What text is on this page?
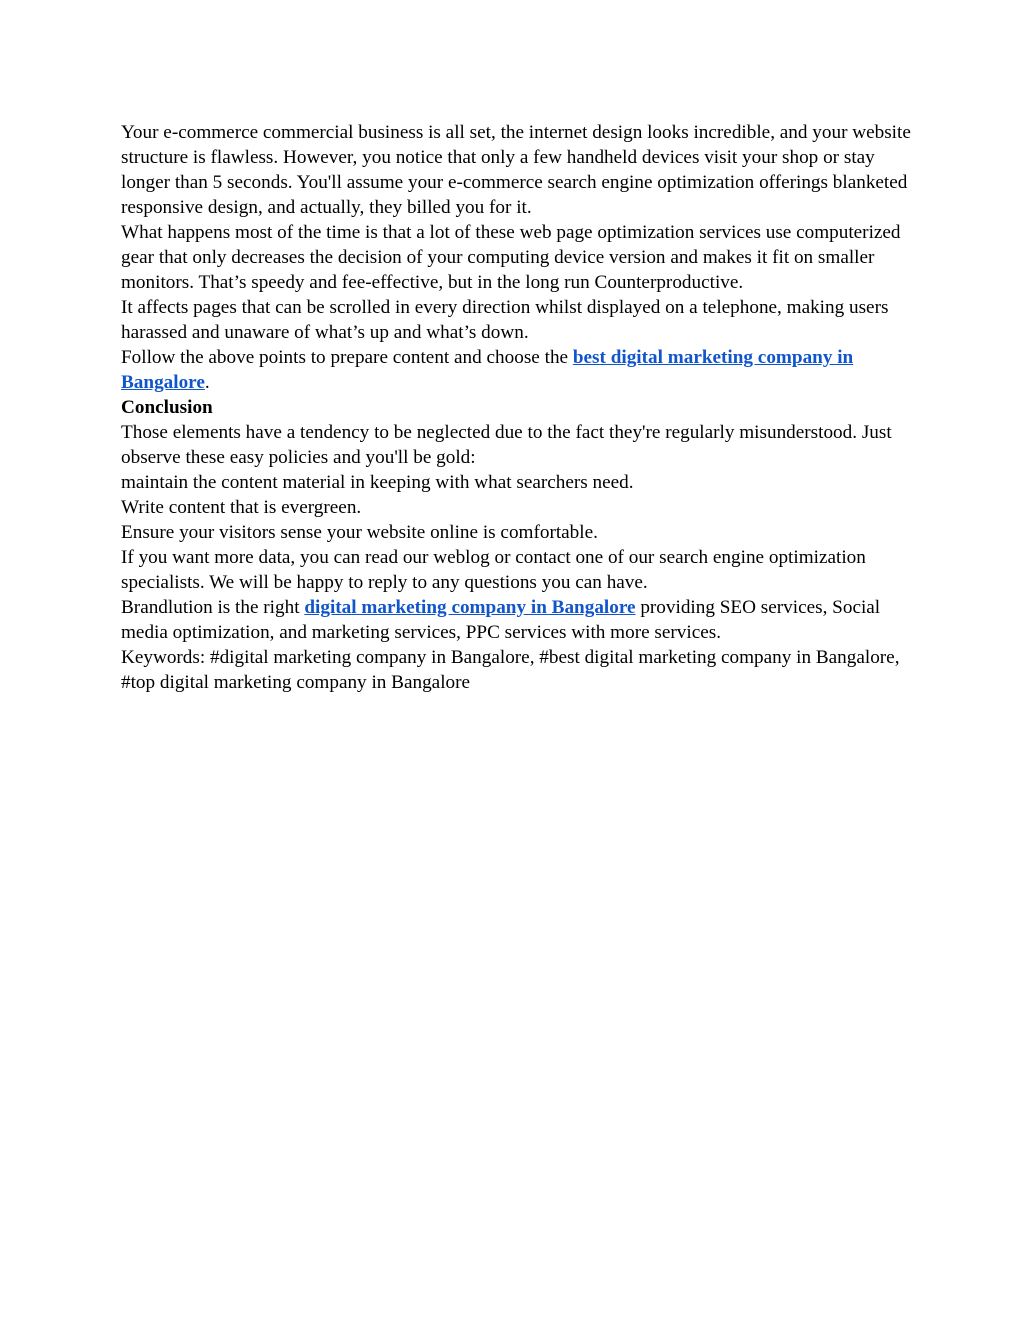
Your e-commerce commercial business is all set, the internet design looks incredible, and your website structure is flawless. However, you notice that only a few handheld devices visit your shop or stay longer than 5 seconds. You'll assume your e-commerce search engine optimization offerings blanketed responsive design, and actually, they billed you for it.

What happens most of the time is that a lot of these web page optimization services use computerized gear that only decreases the decision of your computing device version and makes it fit on smaller monitors. That’s speedy and fee-effective, but in the long run Counterproductive.

It affects pages that can be scrolled in every direction whilst displayed on a telephone, making users harassed and unaware of what’s up and what’s down.

Follow the above points to prepare content and choose the best digital marketing company in Bangalore.

Conclusion

Those elements have a tendency to be neglected due to the fact they're regularly misunderstood. Just observe these easy policies and you'll be gold:

maintain the content material in keeping with what searchers need.

Write content that is evergreen.

Ensure your visitors sense your website online is comfortable.

If you want more data, you can read our weblog or contact one of our search engine optimization specialists. We will be happy to reply to any questions you can have.

Brandlution is the right digital marketing company in Bangalore providing SEO services, Social media optimization, and marketing services, PPC services with more services.

Keywords: #digital marketing company in Bangalore, #best digital marketing company in Bangalore, #top digital marketing company in Bangalore
